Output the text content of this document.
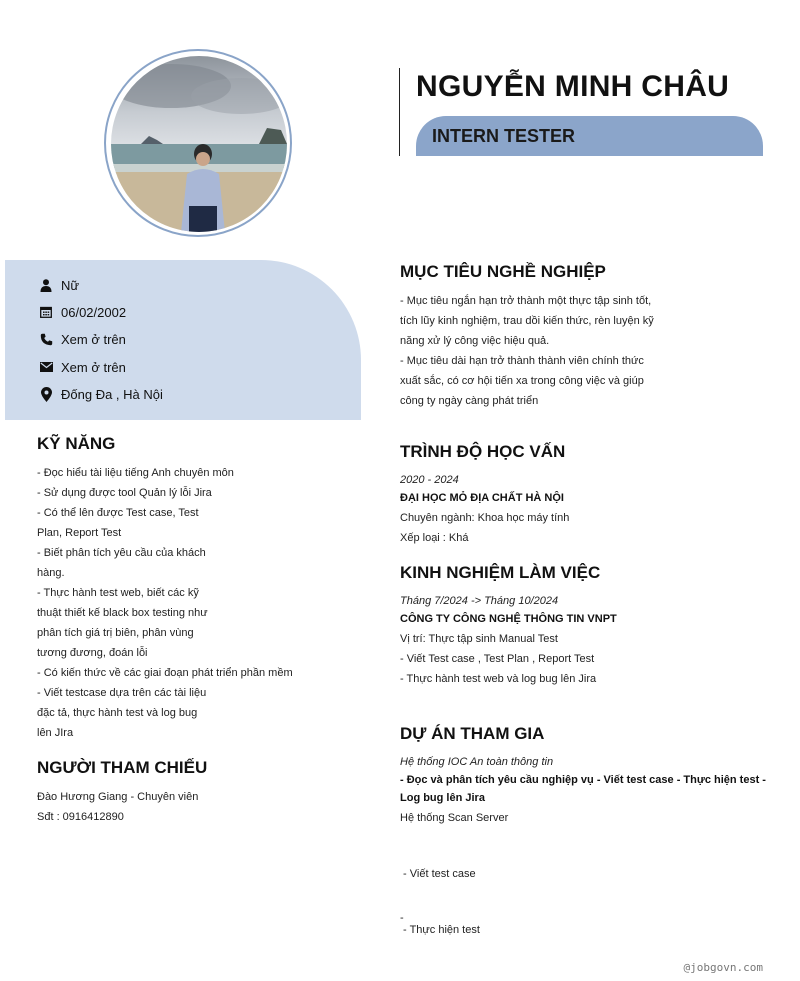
NGUYỄN MINH CHÂU
INTERN TESTER
Nữ
06/02/2002
Xem ở trên
Xem ở trên
Đống Đa , Hà Nội
KỸ NĂNG
- Đọc hiểu tài liệu tiếng Anh chuyên môn
- Sử dụng được tool Quản lý lỗi Jira
- Có thể lên được Test case, Test
Plan, Report Test
- Biết phân tích yêu cầu của khách
hàng.
- Thực hành test web, biết các kỹ
thuật thiết kế black box testing như
phân tích giá trị biên, phân vùng
tương đương, đoán lỗi
- Có kiến thức về các giai đoạn phát triển phần mềm
- Viết testcase dựa trên các tài liệu
đặc tả, thực hành test và log bug
lên JIra
NGƯỜI THAM CHIẾU
Đào Hương Giang - Chuyên viên
Sđt : 0916412890
MỤC TIÊU NGHỀ NGHIỆP
- Mục tiêu ngắn hạn trở thành một thực tập sinh tốt,
tích lũy kinh nghiệm, trau dồi kiến thức, rèn luyện kỹ
năng xử lý công việc hiệu quả.
- Mục tiêu dài hạn trở thành thành viên chính thức
xuất sắc, có cơ hội tiến xa trong công việc và giúp
công ty ngày càng phát triển
TRÌNH ĐỘ HỌC VẤN
2020 - 2024
ĐẠI HỌC MỎ ĐỊA CHẤT HÀ NỘI
Chuyên ngành: Khoa học máy tính
Xếp loại : Khá
KINH NGHIỆM LÀM VIỆC
Tháng 7/2024 -> Tháng 10/2024
CÔNG TY CÔNG NGHỆ THÔNG TIN VNPT
Vị trí: Thực tập sinh Manual Test
- Viết Test case , Test Plan , Report Test
- Thực hành test web và log bug lên Jira
DỰ ÁN THAM GIA
Hệ thống IOC An toàn thông tin
- Đọc và phân tích yêu cầu nghiệp vụ - Viết test case - Thực hiện test -
Log bug lên Jira
Hệ thống Scan Server

- Viết test case

- Thực hiện test

-
@jobgovn.com
